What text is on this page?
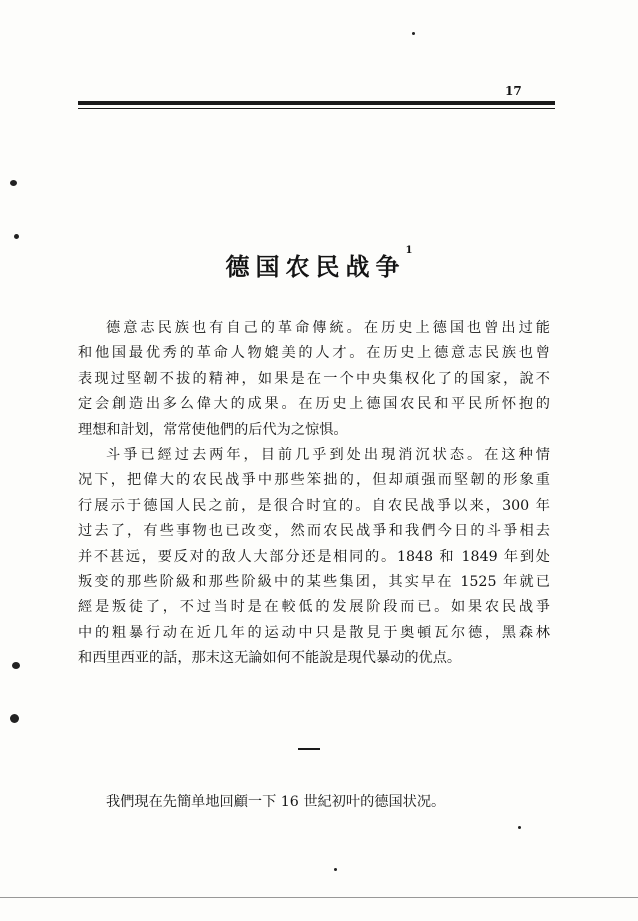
17
德国农民战争$^1$
德意志民族也有自己的革命傳統。在历史上德国也曾出过能
和他国最优秀的革命人物媲美的人才。在历史上德意志民族也曾
表现过堅韌不拔的精神，如果是在一个中央集权化了的国家，說不
定会創造出多么偉大的成果。在历史上德国农民和平民所怀抱的
理想和計划，常常使他們的后代为之惊惧。
斗爭已經过去两年，目前几乎到处出現消沉状态。在这种情
况下，把偉大的农民战爭中那些笨拙的，但却頑强而堅韌的形象重
行展示于德国人民之前，是很合时宜的。自农民战爭以来，300 年
过去了，有些事物也已改变，然而农民战爭和我們今日的斗爭相去
并不甚远，要反对的敌人大部分还是相同的。1848 和 1849 年到处
叛变的那些阶級和那些阶級中的某些集团，其实早在 1525 年就已
經是叛徒了，不过当时是在較低的发展阶段而已。如果农民战爭
中的粗暴行动在近几年的运动中只是散見于奥頓瓦尔德，黑森林
和西里西亚的話，那末这无論如何不能說是現代暴动的优点。
我們現在先簡单地回顧一下 16 世紀初叶的德国状况。
